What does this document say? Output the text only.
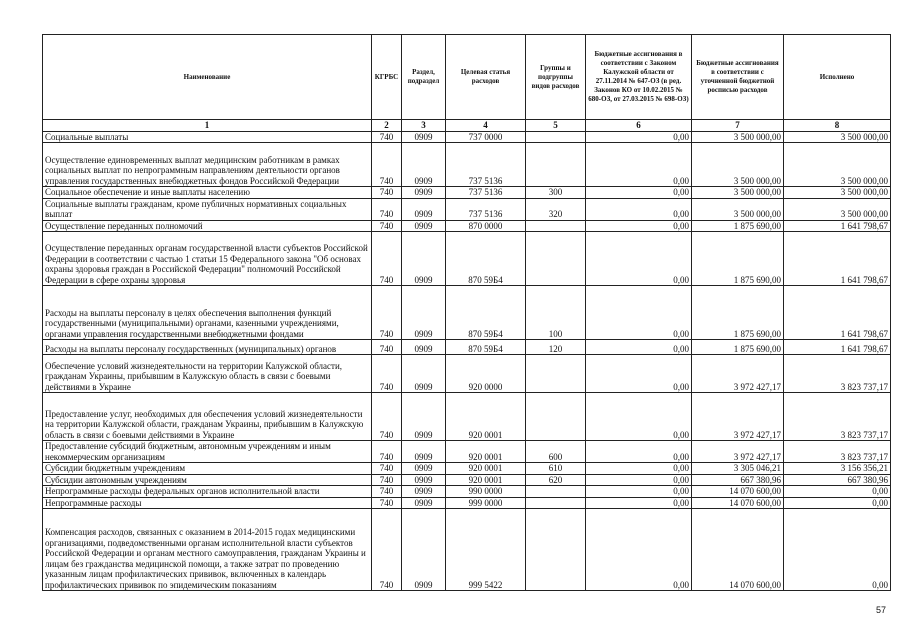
Наименование	КГРБС	Раздел, подраздел	Целевая статья расходов	Группы и подгруппы видов расходов	Бюджетные ассигнования в соответствии с Законом Калужской области от 27.11.2014 № 647-ОЗ (в ред. Законов КО от 10.02.2015 № 680-ОЗ, от 27.03.2015 № 698-ОЗ)	Бюджетные ассигнования в соответствии с уточненной бюджетной росписью расходов	Исполнено
1	2	3	4	5	6	7	8
Социальные выплаты	740	0909	737 0000		0,00	3 500 000,00	3 500 000,00
Осуществление единовременных выплат медицинским работникам в рамках социальных выплат по непрограммным направлениям деятельности органов управления государственных внебюджетных фондов Российской Федерации	740	0909	737 5136		0,00	3 500 000,00	3 500 000,00
Социальное обеспечение и иные выплаты населению	740	0909	737 5136	300	0,00	3 500 000,00	3 500 000,00
Социальные выплаты гражданам, кроме публичных нормативных социальных выплат	740	0909	737 5136	320	0,00	3 500 000,00	3 500 000,00
Осуществление переданных полномочий	740	0909	870 0000		0,00	1 875 690,00	1 641 798,67
Осуществление переданных органам государственной власти субъектов Российской Федерации в соответствии с частью 1 статьи 15 Федерального закона "Об основах охраны здоровья граждан в Российской Федерации" полномочий Российской Федерации в сфере охраны здоровья	740	0909	870 59Б4		0,00	1 875 690,00	1 641 798,67
Расходы на выплаты персоналу в целях обеспечения выполнения функций государственными (муниципальными) органами, казенными учреждениями, органами управления государственными внебюджетными фондами	740	0909	870 59Б4	100	0,00	1 875 690,00	1 641 798,67
Расходы на выплаты персоналу государственных (муниципальных) органов	740	0909	870 59Б4	120	0,00	1 875 690,00	1 641 798,67
Обеспечение условий жизнедеятельности на территории Калужской области, гражданам Украины, прибывшим в Калужскую область в связи с боевыми действиями в Украине	740	0909	920 0000		0,00	3 972 427,17	3 823 737,17
Предоставление услуг, необходимых для обеспечения условий жизнедеятельности на территории Калужской области, гражданам Украины, прибывшим в Калужскую область в связи с боевыми действиями в Украине	740	0909	920 0001		0,00	3 972 427,17	3 823 737,17
Предоставление субсидий бюджетным, автономным учреждениям и иным некоммерческим организациям	740	0909	920 0001	600	0,00	3 972 427,17	3 823 737,17
Субсидии бюджетным учреждениям	740	0909	920 0001	610	0,00	3 305 046,21	3 156 356,21
Субсидии автономным учреждениям	740	0909	920 0001	620	0,00	667 380,96	667 380,96
Непрограммные расходы федеральных органов исполнительной власти	740	0909	990 0000		0,00	14 070 600,00	0,00
Непрограммные расходы	740	0909	999 0000		0,00	14 070 600,00	0,00
Компенсация расходов, связанных с оказанием в 2014-2015 годах медицинскими организациями, подведомственными органам исполнительной власти субъектов Российской Федерации и органам местного самоуправления, гражданам Украины и лицам без гражданства медицинской помощи, а также затрат по проведению указанным лицам профилактических прививок, включенных в календарь профилактических прививок по эпидемическим показаниям	740	0909	999 5422		0,00	14 070 600,00	0,00
57
